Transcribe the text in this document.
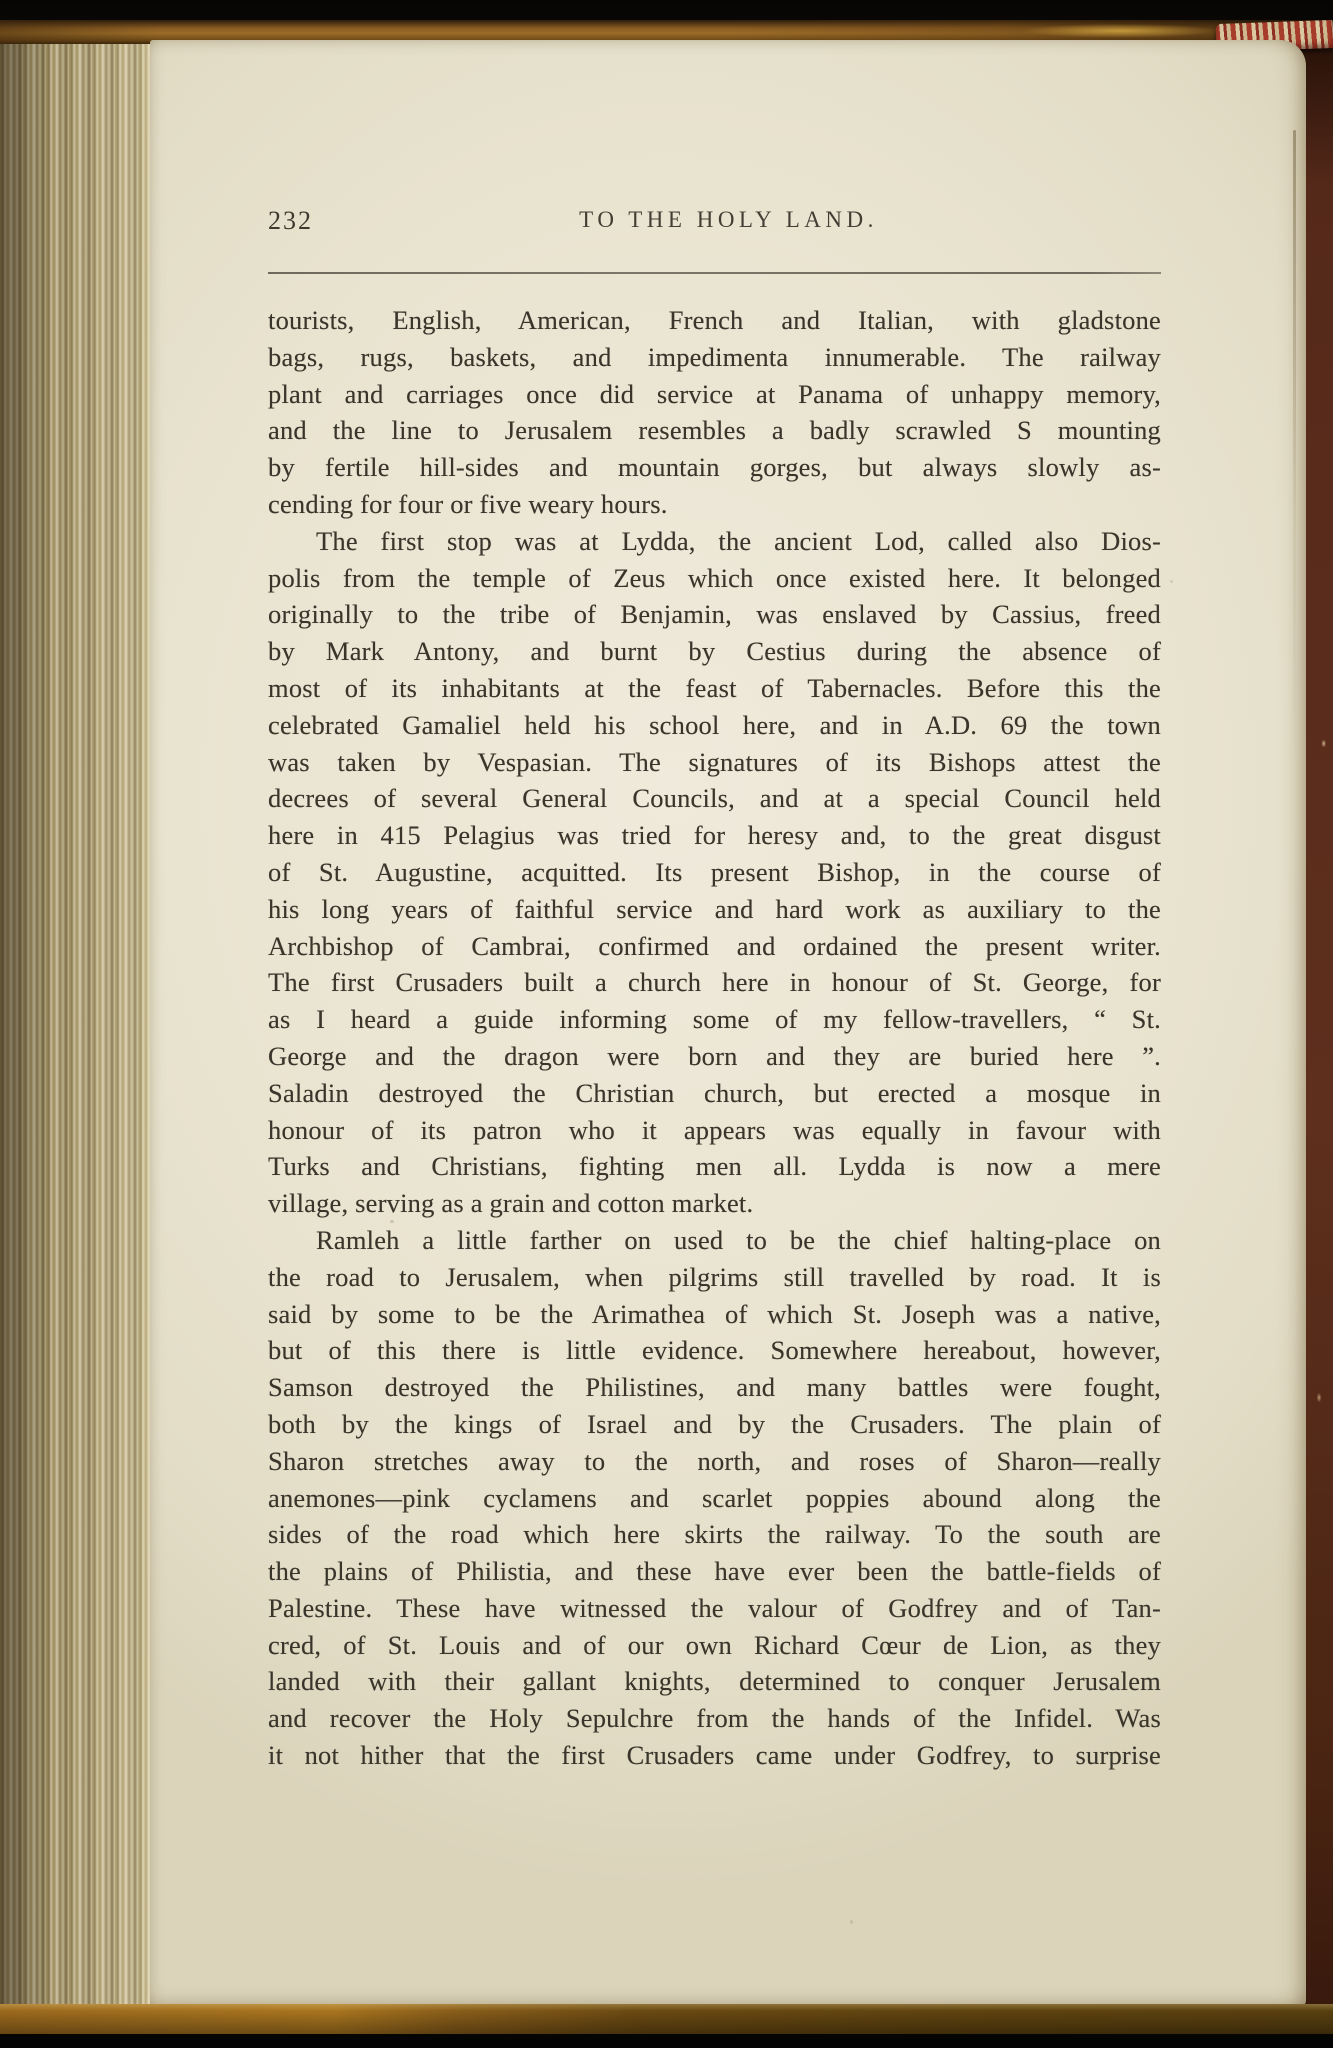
232	TO THE HOLY LAND.
tourists, English, American, French and Italian, with gladstone
bags, rugs, baskets, and impedimenta innumerable. The railway
plant and carriages once did service at Panama of unhappy memory,
and the line to Jerusalem resembles a badly scrawled S mounting
by fertile hill-sides and mountain gorges, but always slowly as-
cending for four or five weary hours.
The first stop was at Lydda, the ancient Lod, called also Dios-
polis from the temple of Zeus which once existed here. It belonged
originally to the tribe of Benjamin, was enslaved by Cassius, freed
by Mark Antony, and burnt by Cestius during the absence of
most of its inhabitants at the feast of Tabernacles. Before this the
celebrated Gamaliel held his school here, and in A.D. 69 the town
was taken by Vespasian. The signatures of its Bishops attest the
decrees of several General Councils, and at a special Council held
here in 415 Pelagius was tried for heresy and, to the great disgust
of St. Augustine, acquitted. Its present Bishop, in the course of
his long years of faithful service and hard work as auxiliary to the
Archbishop of Cambrai, confirmed and ordained the present writer.
The first Crusaders built a church here in honour of St. George, for
as I heard a guide informing some of my fellow-travellers, “ St.
George and the dragon were born and they are buried here ”.
Saladin destroyed the Christian church, but erected a mosque in
honour of its patron who it appears was equally in favour with
Turks and Christians, fighting men all. Lydda is now a mere
village, serving as a grain and cotton market.
Ramleh a little farther on used to be the chief halting-place on
the road to Jerusalem, when pilgrims still travelled by road. It is
said by some to be the Arimathea of which St. Joseph was a native,
but of this there is little evidence. Somewhere hereabout, however,
Samson destroyed the Philistines, and many battles were fought,
both by the kings of Israel and by the Crusaders. The plain of
Sharon stretches away to the north, and roses of Sharon—really
anemones—pink cyclamens and scarlet poppies abound along the
sides of the road which here skirts the railway. To the south are
the plains of Philistia, and these have ever been the battle-fields of
Palestine. These have witnessed the valour of Godfrey and of Tan-
cred, of St. Louis and of our own Richard Cœur de Lion, as they
landed with their gallant knights, determined to conquer Jerusalem
and recover the Holy Sepulchre from the hands of the Infidel. Was
it not hither that the first Crusaders came under Godfrey, to surprise
